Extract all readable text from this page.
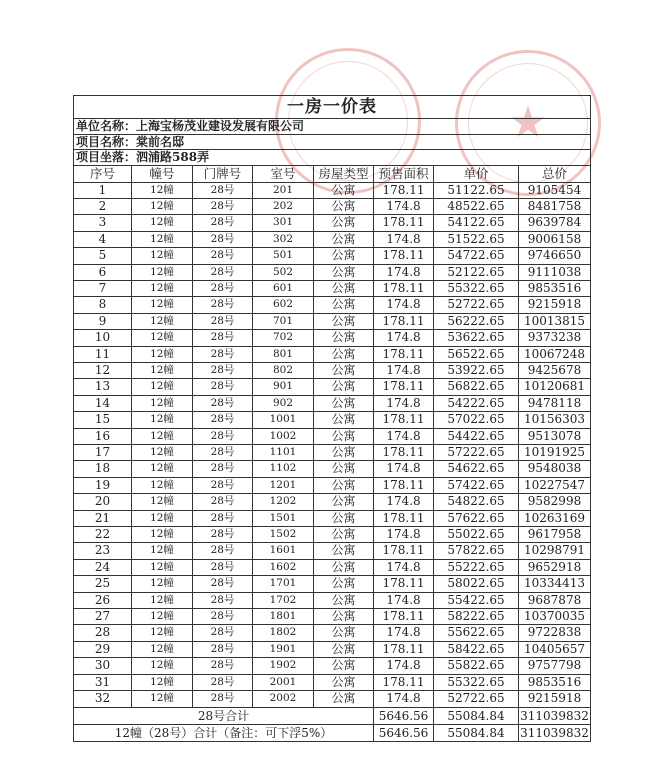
★
一房一价表							
单位名称：上海宝杨茂业建设发展有限公司							
项目名称：棠前名邸							
项目坐落：泗浦路588弄							
序号	幢号	门牌号	室号	房屋类型	预售面积	单价	总价
1	12幢	28号	201	公寓	178.11	51122.65	9105454
2	12幢	28号	202	公寓	174.8	48522.65	8481758
3	12幢	28号	301	公寓	178.11	54122.65	9639784
4	12幢	28号	302	公寓	174.8	51522.65	9006158
5	12幢	28号	501	公寓	178.11	54722.65	9746650
6	12幢	28号	502	公寓	174.8	52122.65	9111038
7	12幢	28号	601	公寓	178.11	55322.65	9853516
8	12幢	28号	602	公寓	174.8	52722.65	9215918
9	12幢	28号	701	公寓	178.11	56222.65	10013815
10	12幢	28号	702	公寓	174.8	53622.65	9373238
11	12幢	28号	801	公寓	178.11	56522.65	10067248
12	12幢	28号	802	公寓	174.8	53922.65	9425678
13	12幢	28号	901	公寓	178.11	56822.65	10120681
14	12幢	28号	902	公寓	174.8	54222.65	9478118
15	12幢	28号	1001	公寓	178.11	57022.65	10156303
16	12幢	28号	1002	公寓	174.8	54422.65	9513078
17	12幢	28号	1101	公寓	178.11	57222.65	10191925
18	12幢	28号	1102	公寓	174.8	54622.65	9548038
19	12幢	28号	1201	公寓	178.11	57422.65	10227547
20	12幢	28号	1202	公寓	174.8	54822.65	9582998
21	12幢	28号	1501	公寓	178.11	57622.65	10263169
22	12幢	28号	1502	公寓	174.8	55022.65	9617958
23	12幢	28号	1601	公寓	178.11	57822.65	10298791
24	12幢	28号	1602	公寓	174.8	55222.65	9652918
25	12幢	28号	1701	公寓	178.11	58022.65	10334413
26	12幢	28号	1702	公寓	174.8	55422.65	9687878
27	12幢	28号	1801	公寓	178.11	58222.65	10370035
28	12幢	28号	1802	公寓	174.8	55622.65	9722838
29	12幢	28号	1901	公寓	178.11	58422.65	10405657
30	12幢	28号	1902	公寓	174.8	55822.65	9757798
31	12幢	28号	2001	公寓	178.11	55322.65	9853516
32	12幢	28号	2002	公寓	174.8	52722.65	9215918
28号合计					5646.56	55084.84	311039832
12幢（28号）合计（备注：可下浮5%）					5646.56	55084.84	311039832
